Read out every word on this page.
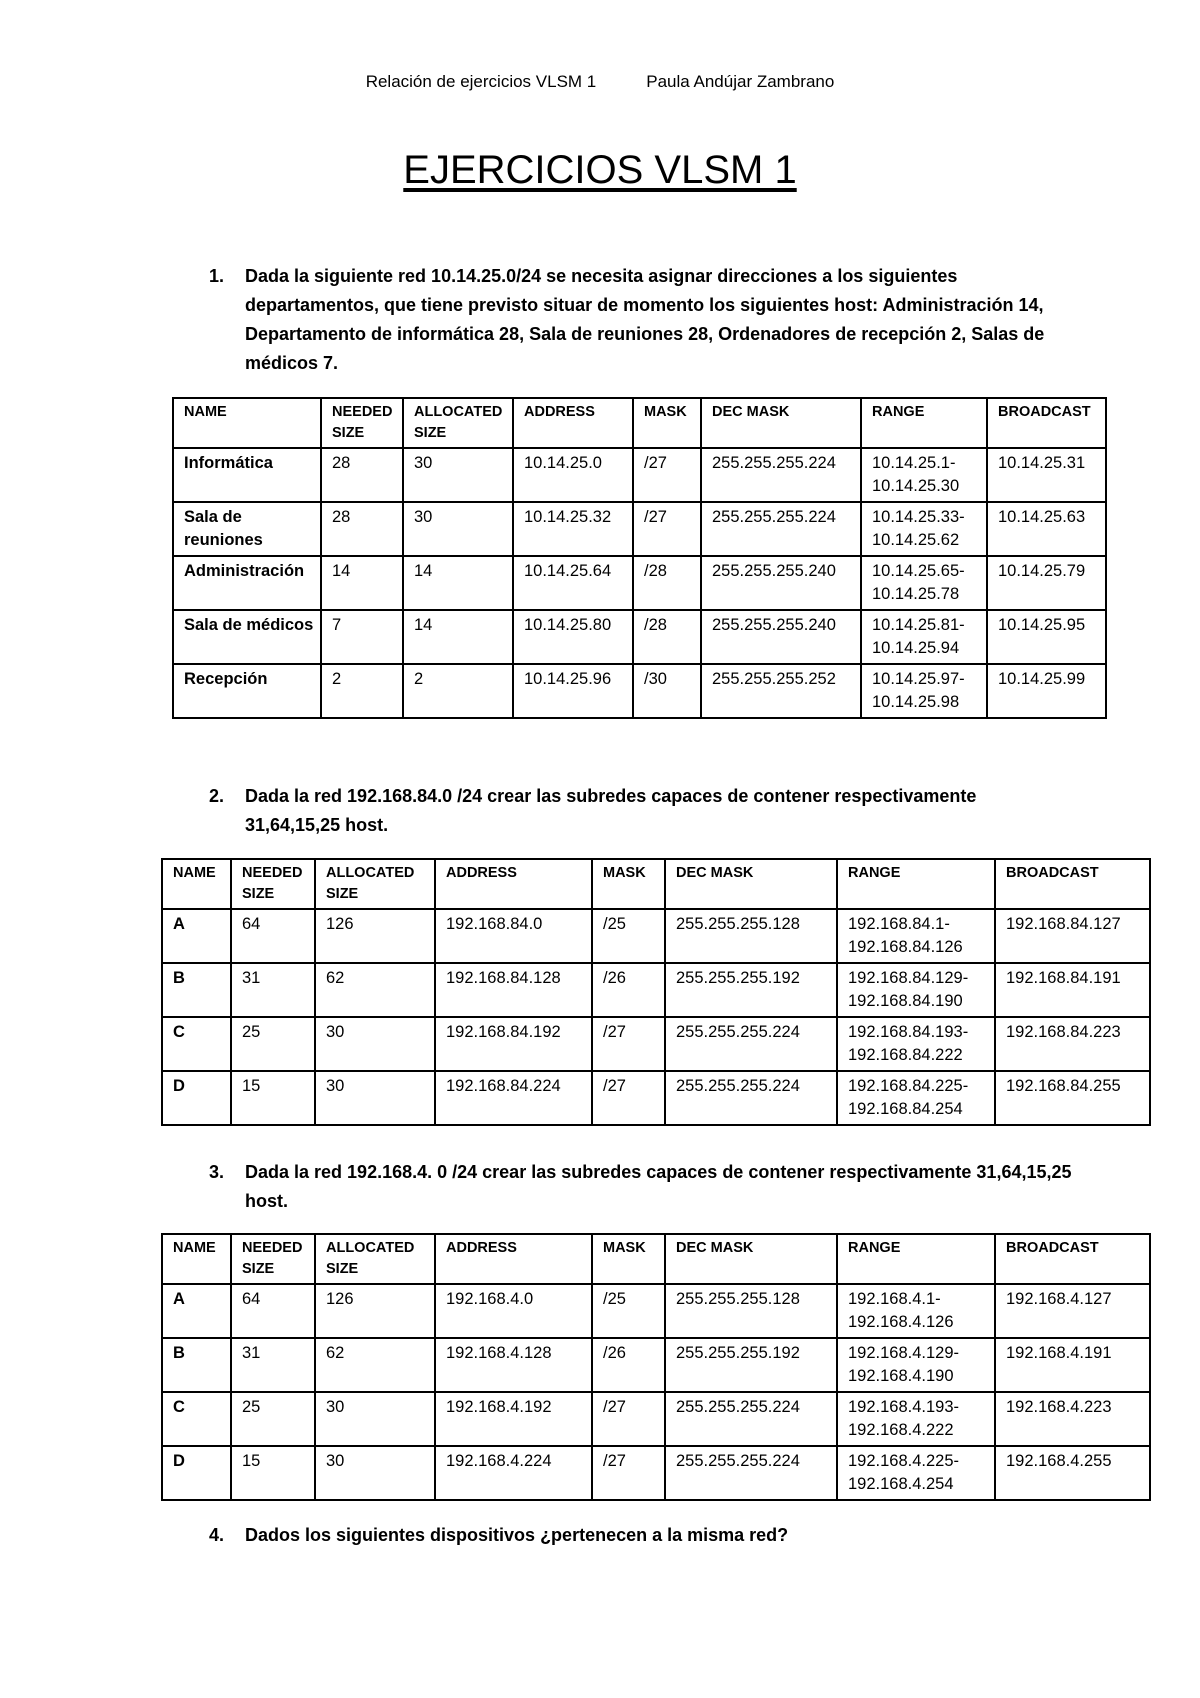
Relación de ejercicios VLSM 1	Paula Andújar Zambrano
EJERCICIOS VLSM 1
1. Dada la siguiente red 10.14.25.0/24 se necesita asignar direcciones a los siguientes departamentos, que tiene previsto situar de momento los siguientes host: Administración 14, Departamento de informática 28, Sala de reuniones 28, Ordenadores de recepción 2, Salas de médicos 7.
NAME	NEEDED SIZE	ALLOCATED SIZE	ADDRESS	MASK	DEC MASK	RANGE	BROADCAST
Informática	28	30	10.14.25.0	/27	255.255.255.224	10.14.25.1- 10.14.25.30	10.14.25.31
Sala de reuniones	28	30	10.14.25.32	/27	255.255.255.224	10.14.25.33- 10.14.25.62	10.14.25.63
Administración	14	14	10.14.25.64	/28	255.255.255.240	10.14.25.65- 10.14.25.78	10.14.25.79
Sala de médicos	7	14	10.14.25.80	/28	255.255.255.240	10.14.25.81- 10.14.25.94	10.14.25.95
Recepción	2	2	10.14.25.96	/30	255.255.255.252	10.14.25.97- 10.14.25.98	10.14.25.99
2. Dada la red 192.168.84.0 /24 crear las subredes capaces de contener respectivamente 31,64,15,25 host.
NAME	NEEDED SIZE	ALLOCATED SIZE	ADDRESS	MASK	DEC MASK	RANGE	BROADCAST
A	64	126	192.168.84.0	/25	255.255.255.128	192.168.84.1- 192.168.84.126	192.168.84.127
B	31	62	192.168.84.128	/26	255.255.255.192	192.168.84.129- 192.168.84.190	192.168.84.191
C	25	30	192.168.84.192	/27	255.255.255.224	192.168.84.193- 192.168.84.222	192.168.84.223
D	15	30	192.168.84.224	/27	255.255.255.224	192.168.84.225- 192.168.84.254	192.168.84.255
3. Dada la red 192.168.4. 0 /24 crear las subredes capaces de contener respectivamente 31,64,15,25 host.
NAME	NEEDED SIZE	ALLOCATED SIZE	ADDRESS	MASK	DEC MASK	RANGE	BROADCAST
A	64	126	192.168.4.0	/25	255.255.255.128	192.168.4.1- 192.168.4.126	192.168.4.127
B	31	62	192.168.4.128	/26	255.255.255.192	192.168.4.129- 192.168.4.190	192.168.4.191
C	25	30	192.168.4.192	/27	255.255.255.224	192.168.4.193- 192.168.4.222	192.168.4.223
D	15	30	192.168.4.224	/27	255.255.255.224	192.168.4.225- 192.168.4.254	192.168.4.255
4. Dados los siguientes dispositivos ¿pertenecen a la misma red?
